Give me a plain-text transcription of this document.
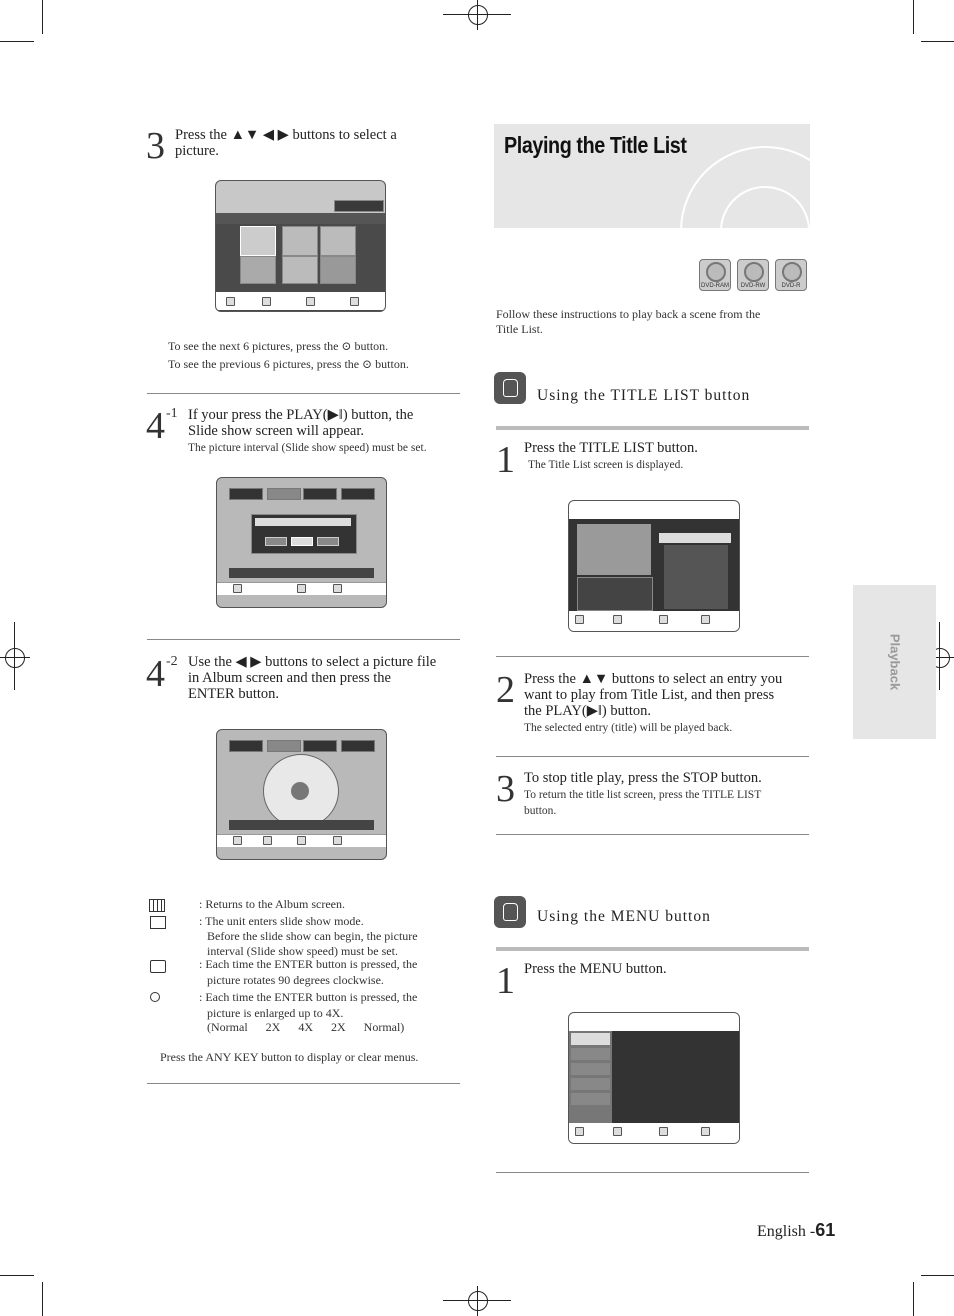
3 Press the ▲▼ ◀ ▶ buttons to select a
picture.
To see the next 6 pictures, press the ⊙ button.
To see the previous 6 pictures, press the ⊙ button.
4 -1 If your press the PLAY(▶‖) button, the
Slide show screen will appear.
The picture interval (Slide show speed) must be set.
4 -2 Use the ◀ ▶ buttons to select a picture file
in Album screen and then press the
ENTER button.
: Returns to the Album screen.
: The unit enters slide show mode.
Before the slide show can begin, the picture
interval (Slide show speed) must be set.
: Each time the ENTER button is pressed, the
picture rotates 90 degrees clockwise.
: Each time the ENTER button is pressed, the
picture is enlarged up to 4X.
(Normal      2X      4X      2X      Normal)
Press the ANY KEY button to display or clear menus.
Playing the Title List
DVD-RAM	DVD-RW	DVD-R
Follow these instructions to play back a scene from the
Title List.
Using the TITLE LIST button
1 Press the TITLE LIST button.
The Title List screen is displayed.
2 Press the ▲▼ buttons to select an entry you
want to play from Title List, and then press
the PLAY(▶‖) button.
The selected entry (title) will be played back.
3 To stop title play, press the STOP button.
To return the title list screen, press the TITLE LIST
button.
Using the MENU button
1 Press the MENU button.
Playback
English -61
